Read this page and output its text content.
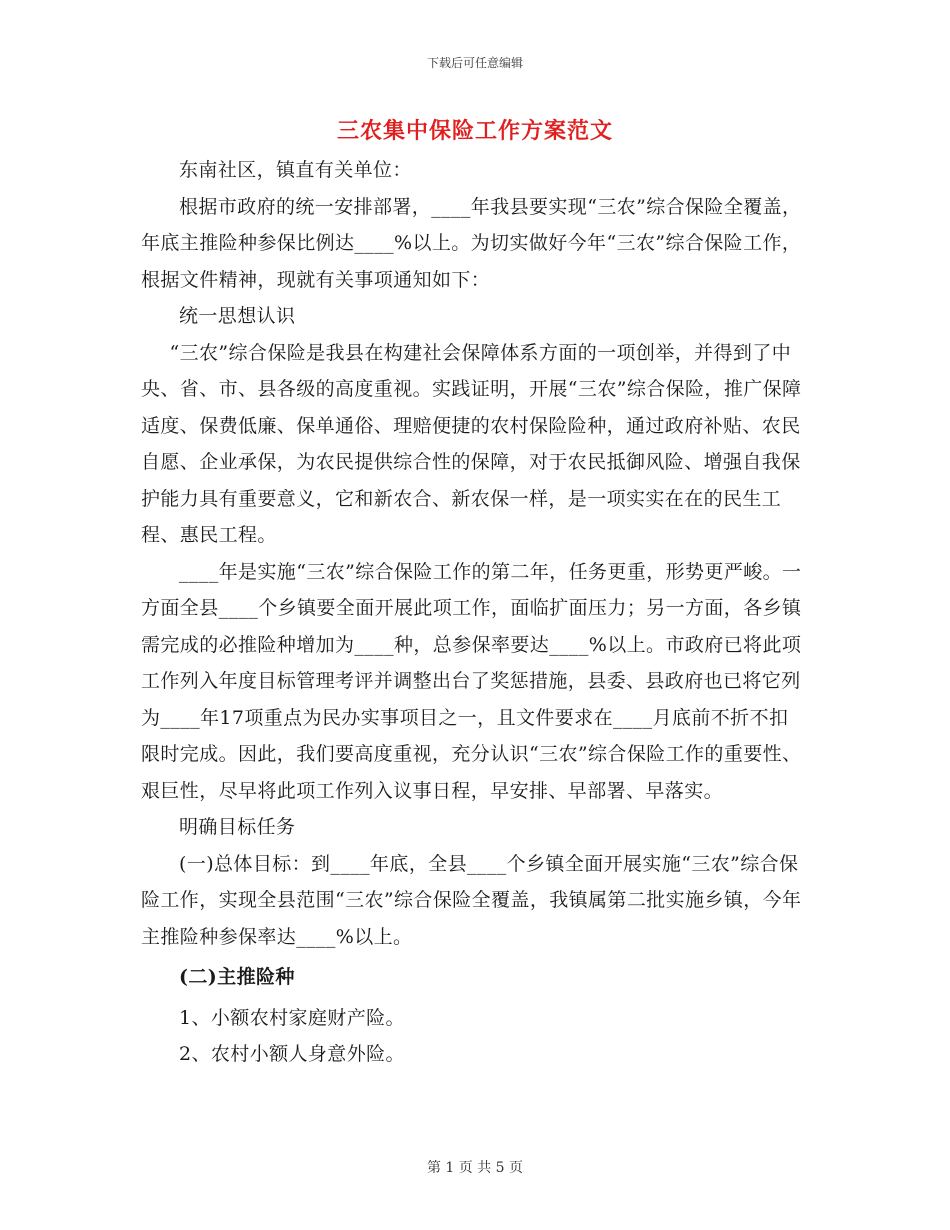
下载后可任意编辑
三农集中保险工作方案范文

东南社区，镇直有关单位：

根据市政府的统一安排部署，____年我县要实现“三农”综合保险全覆盖，年底主推险种参保比例达____%以上。为切实做好今年“三农”综合保险工作，根据文件精神，现就有关事项通知如下：

统一思想认识

“三农”综合保险是我县在构建社会保障体系方面的一项创举，并得到了中央、省、市、县各级的高度重视。实践证明，开展“三农”综合保险，推广保障适度、保费低廉、保单通俗、理赔便捷的农村保险险种，通过政府补贴、农民自愿、企业承保，为农民提供综合性的保障，对于农民抵御风险、增强自我保护能力具有重要意义，它和新农合、新农保一样，是一项实实在在的民生工程、惠民工程。

____年是实施“三农”综合保险工作的第二年，任务更重，形势更严峻。一方面全县____个乡镇要全面开展此项工作，面临扩面压力；另一方面，各乡镇需完成的必推险种增加为____种，总参保率要达____%以上。市政府已将此项工作列入年度目标管理考评并调整出台了奖惩措施，县委、县政府也已将它列为____年17项重点为民办实事项目之一，且文件要求在____月底前不折不扣限时完成。因此，我们要高度重视，充分认识“三农”综合保险工作的重要性、艰巨性，尽早将此项工作列入议事日程，早安排、早部署、早落实。

明确目标任务

(一)总体目标：到____年底，全县____个乡镇全面开展实施“三农”综合保险工作，实现全县范围“三农”综合保险全覆盖，我镇属第二批实施乡镇，今年主推险种参保率达____%以上。

(二)主推险种

1、小额农村家庭财产险。

2、农村小额人身意外险。

第 1 页 共 5 页
